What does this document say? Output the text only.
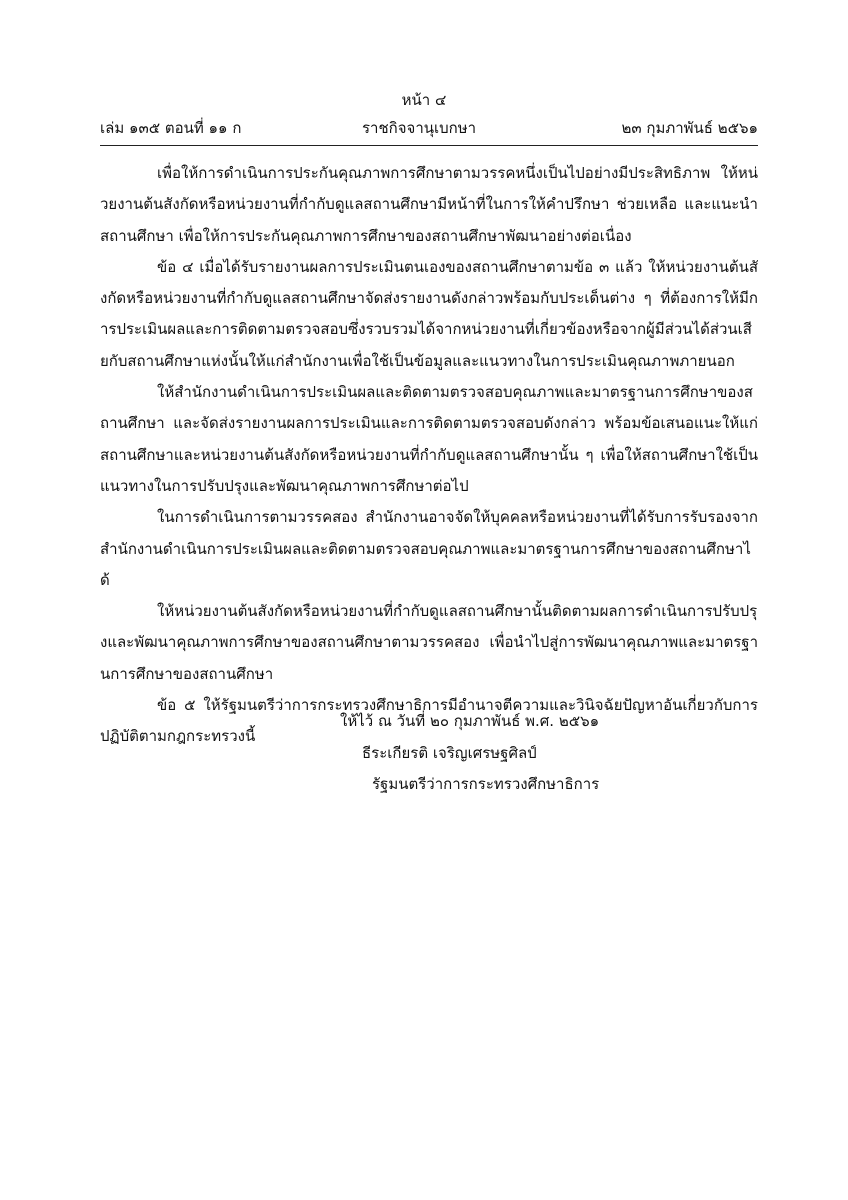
หน้า ๔
เล่ม ๑๓๕ ตอนที่ ๑๑ ก	ราชกิจจานุเบกษา	๒๓ กุมภาพันธ์ ๒๕๖๑

เพื่อให้การดำเนินการประกันคุณภาพการศึกษาตามวรรคหนึ่งเป็นไปอย่างมีประสิทธิภาพ ให้หน่วยงานต้นสังกัดหรือหน่วยงานที่กำกับดูแลสถานศึกษามีหน้าที่ในการให้คำปรึกษา ช่วยเหลือ และแนะนำสถานศึกษา เพื่อให้การประกันคุณภาพการศึกษาของสถานศึกษาพัฒนาอย่างต่อเนื่อง

ข้อ ๔ เมื่อได้รับรายงานผลการประเมินตนเองของสถานศึกษาตามข้อ ๓ แล้ว ให้หน่วยงานต้นสังกัดหรือหน่วยงานที่กำกับดูแลสถานศึกษาจัดส่งรายงานดังกล่าวพร้อมกับประเด็นต่าง ๆ ที่ต้องการให้มีการประเมินผลและการติดตามตรวจสอบซึ่งรวบรวมได้จากหน่วยงานที่เกี่ยวข้องหรือจากผู้มีส่วนได้ส่วนเสียกับสถานศึกษาแห่งนั้นให้แก่สำนักงานเพื่อใช้เป็นข้อมูลและแนวทางในการประเมินคุณภาพภายนอก

ให้สำนักงานดำเนินการประเมินผลและติดตามตรวจสอบคุณภาพและมาตรฐานการศึกษาของสถานศึกษา และจัดส่งรายงานผลการประเมินและการติดตามตรวจสอบดังกล่าว พร้อมข้อเสนอแนะให้แก่สถานศึกษาและหน่วยงานต้นสังกัดหรือหน่วยงานที่กำกับดูแลสถานศึกษานั้น ๆ เพื่อให้สถานศึกษาใช้เป็นแนวทางในการปรับปรุงและพัฒนาคุณภาพการศึกษาต่อไป

ในการดำเนินการตามวรรคสอง สำนักงานอาจจัดให้บุคคลหรือหน่วยงานที่ได้รับการรับรองจากสำนักงานดำเนินการประเมินผลและติดตามตรวจสอบคุณภาพและมาตรฐานการศึกษาของสถานศึกษาได้

ให้หน่วยงานต้นสังกัดหรือหน่วยงานที่กำกับดูแลสถานศึกษานั้นติดตามผลการดำเนินการปรับปรุงและพัฒนาคุณภาพการศึกษาของสถานศึกษาตามวรรคสอง เพื่อนำไปสู่การพัฒนาคุณภาพและมาตรฐานการศึกษาของสถานศึกษา

ข้อ ๕ ให้รัฐมนตรีว่าการกระทรวงศึกษาธิการมีอำนาจตีความและวินิจฉัยปัญหาอันเกี่ยวกับการปฏิบัติตามกฎกระทรวงนี้

ให้ไว้ ณ วันที่ ๒๐ กุมภาพันธ์ พ.ศ. ๒๕๖๑
ธีระเกียรติ เจริญเศรษฐศิลป์
รัฐมนตรีว่าการกระทรวงศึกษาธิการ
